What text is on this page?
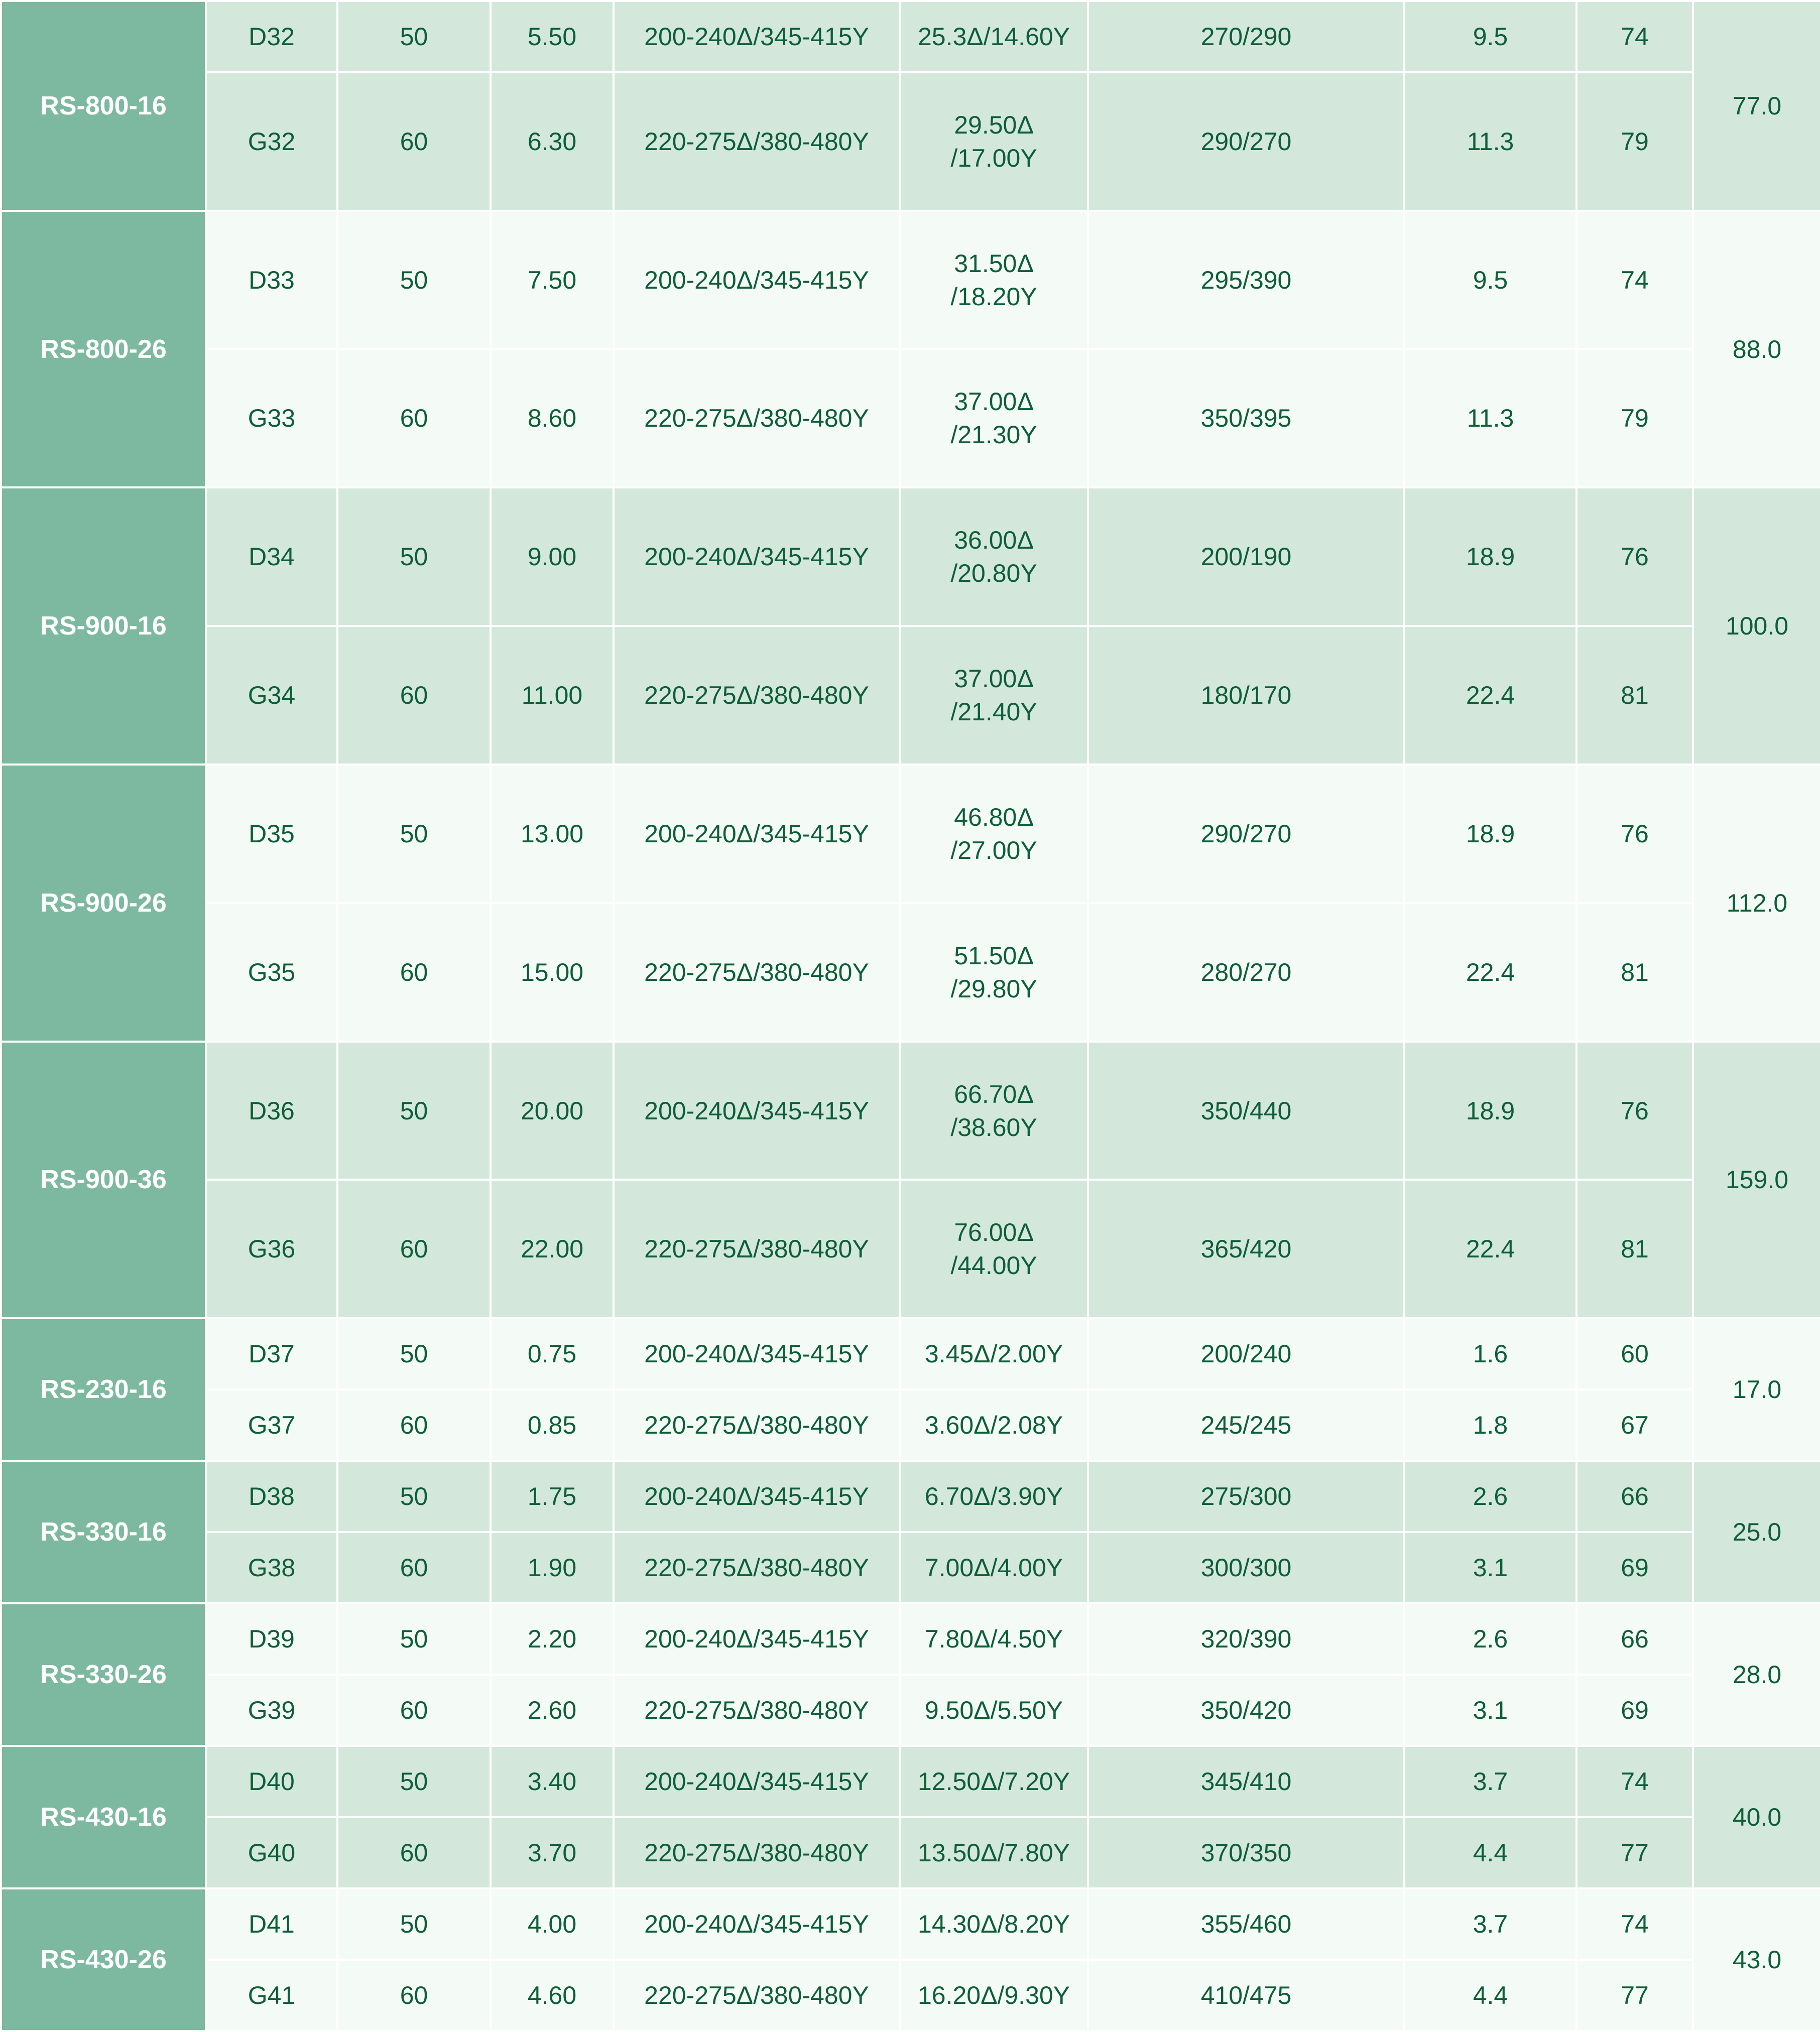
RS-800-16	D32	50	5.50	200-240Δ/345-415Y	25.3Δ/14.60Y	270/290	9.5	74	77.0
	G32	60	6.30	220-275Δ/380-480Y	29.50Δ
/17.00Y	290/270	11.3	79	
RS-800-26	D33	50	7.50	200-240Δ/345-415Y	31.50Δ
/18.20Y	295/390	9.5	74	88.0
	G33	60	8.60	220-275Δ/380-480Y	37.00Δ
/21.30Y	350/395	11.3	79	
RS-900-16	D34	50	9.00	200-240Δ/345-415Y	36.00Δ
/20.80Y	200/190	18.9	76	100.0
	G34	60	11.00	220-275Δ/380-480Y	37.00Δ
/21.40Y	180/170	22.4	81	
RS-900-26	D35	50	13.00	200-240Δ/345-415Y	46.80Δ
/27.00Y	290/270	18.9	76	112.0
	G35	60	15.00	220-275Δ/380-480Y	51.50Δ
/29.80Y	280/270	22.4	81	
RS-900-36	D36	50	20.00	200-240Δ/345-415Y	66.70Δ
/38.60Y	350/440	18.9	76	159.0
	G36	60	22.00	220-275Δ/380-480Y	76.00Δ
/44.00Y	365/420	22.4	81	
RS-230-16	D37	50	0.75	200-240Δ/345-415Y	3.45Δ/2.00Y	200/240	1.6	60	17.0
	G37	60	0.85	220-275Δ/380-480Y	3.60Δ/2.08Y	245/245	1.8	67	
RS-330-16	D38	50	1.75	200-240Δ/345-415Y	6.70Δ/3.90Y	275/300	2.6	66	25.0
	G38	60	1.90	220-275Δ/380-480Y	7.00Δ/4.00Y	300/300	3.1	69	
RS-330-26	D39	50	2.20	200-240Δ/345-415Y	7.80Δ/4.50Y	320/390	2.6	66	28.0
	G39	60	2.60	220-275Δ/380-480Y	9.50Δ/5.50Y	350/420	3.1	69	
RS-430-16	D40	50	3.40	200-240Δ/345-415Y	12.50Δ/7.20Y	345/410	3.7	74	40.0
	G40	60	3.70	220-275Δ/380-480Y	13.50Δ/7.80Y	370/350	4.4	77	
RS-430-26	D41	50	4.00	200-240Δ/345-415Y	14.30Δ/8.20Y	355/460	3.7	74	43.0
	G41	60	4.60	220-275Δ/380-480Y	16.20Δ/9.30Y	410/475	4.4	77	
